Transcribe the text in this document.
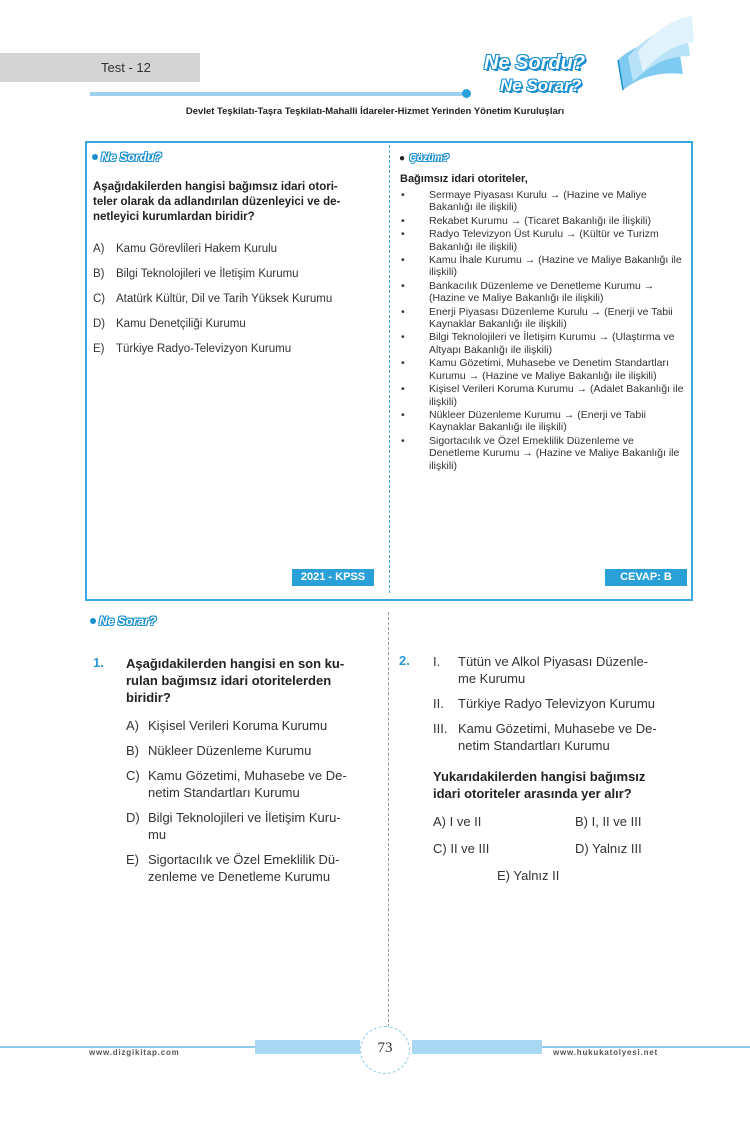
Test - 12	Ne Sordu?
Ne Sorar?
Devlet Teşkilatı-Taşra Teşkilatı-Mahalli İdareler-Hizmet Yerinden Yönetim Kuruluşları
Ne Sordu?
Aşağıdakilerden hangisi bağımsız idari otori-
teler olarak da adlandırılan düzenleyici ve de-
netleyici kurumlardan biridir?
A) Kamu Görevlileri Hakem Kurulu
B) Bilgi Teknolojileri ve İletişim Kurumu
C) Atatürk Kültür, Dil ve Tarih Yüksek Kurumu
D) Kamu Denetçiliği Kurumu
E) Türkiye Radyo-Televizyon Kurumu
2021 - KPSS
● Çözüm?
Bağımsız idari otoriteler,
• Sermaye Piyasası Kurulu → (Hazine ve Maliye Bakanlığı ile ilişkili)
• Rekabet Kurumu → (Ticaret Bakanlığı ile İlişkili)
• Radyo Televizyon Üst Kurulu → (Kültür ve Turizm Bakanlığı ile ilişkili)
• Kamu İhale Kurumu → (Hazine ve Maliye Bakanlığı ile ilişkili)
• Bankacılık Düzenleme ve Denetleme Kurumu → (Hazine ve Maliye Bakanlığı ile ilişkili)
• Enerji Piyasası Düzenleme Kurulu → (Enerji ve Tabii Kaynaklar Bakanlığı ile ilişkili)
• Bilgi Teknolojileri ve İletişim Kurumu → (Ulaştırma ve Altyapı Bakanlığı ile ilişkili)
• Kamu Gözetimi, Muhasebe ve Denetim Standartları Kurumu → (Hazine ve Maliye Bakanlığı ile ilişkili)
• Kişisel Verileri Koruma Kurumu → (Adalet Bakanlığı ile ilişkili)
• Nükleer Düzenleme Kurumu → (Enerji ve Tabii Kaynaklar Bakanlığı ile ilişkili)
• Sigortacılık ve Özel Emeklilik Düzenleme ve Denetleme Kurumu → (Hazine ve Maliye Bakanlığı ile ilişkili)
CEVAP: B
Ne Sorar?
1. Aşağıdakilerden hangisi en son ku-
rulan bağımsız idari otoritelerden
biridir?
A) Kişisel Verileri Koruma Kurumu
B) Nükleer Düzenleme Kurumu
C) Kamu Gözetimi, Muhasebe ve De-
netim Standartları Kurumu
D) Bilgi Teknolojileri ve İletişim Kuru-
mu
E) Sigortacılık ve Özel Emeklilik Dü-
zenleme ve Denetleme Kurumu
2. I. Tütün ve Alkol Piyasası Düzenle-
me Kurumu
II. Türkiye Radyo Televizyon Kurumu
III. Kamu Gözetimi, Muhasebe ve De-
netim Standartları Kurumu
Yukarıdakilerden hangisi bağımsız
idari otoriteler arasında yer alır?
A) I ve II	B) I, II ve III
C) II ve III	D) Yalnız III
E) Yalnız II
www.dizgikitap.com	www.hukukatolyesi.net
73
